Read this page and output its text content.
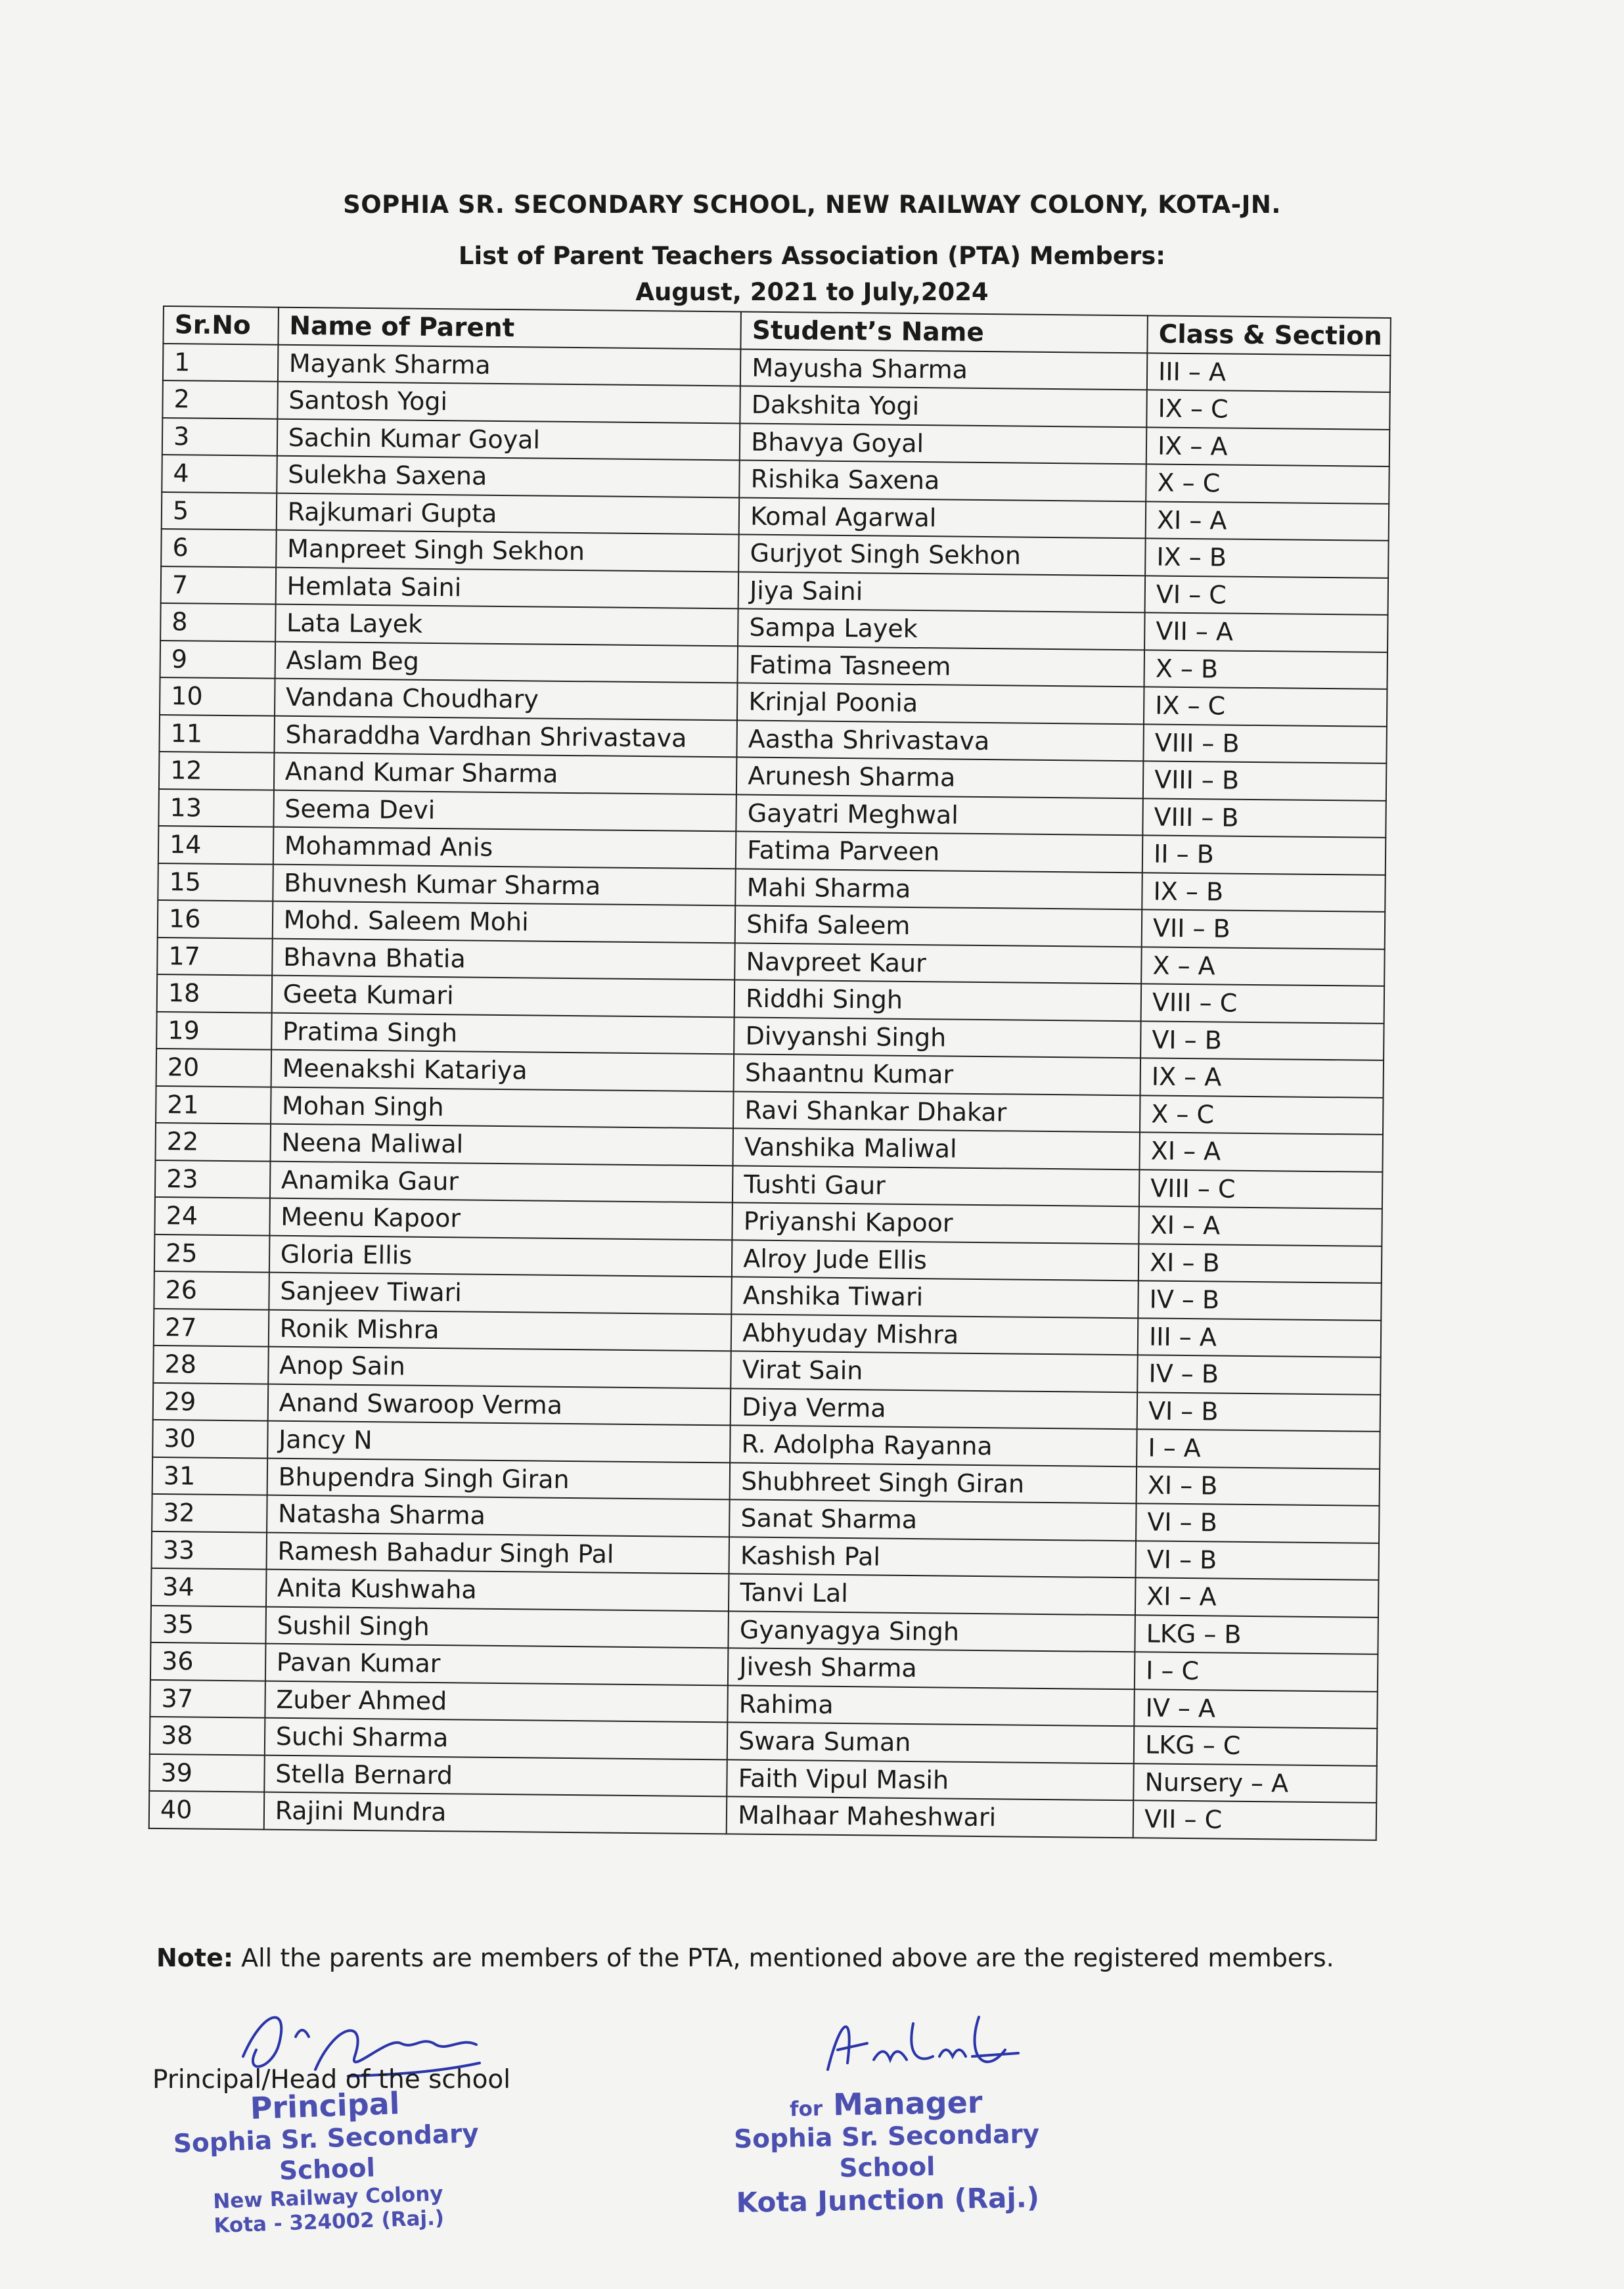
SOPHIA SR. SECONDARY SCHOOL, NEW RAILWAY COLONY, KOTA-JN.
List of Parent Teachers Association (PTA) Members:
August, 2021 to July,2024
Sr.No	Name of Parent	Student’s Name	Class & Section
1	Mayank Sharma	Mayusha Sharma	III – A
2	Santosh Yogi	Dakshita Yogi	IX – C
3	Sachin Kumar Goyal	Bhavya Goyal	IX – A
4	Sulekha Saxena	Rishika Saxena	X – C
5	Rajkumari Gupta	Komal Agarwal	XI – A
6	Manpreet Singh Sekhon	Gurjyot Singh Sekhon	IX – B
7	Hemlata Saini	Jiya Saini	VI – C
8	Lata Layek	Sampa Layek	VII – A
9	Aslam Beg	Fatima Tasneem	X – B
10	Vandana Choudhary	Krinjal Poonia	IX – C
11	Sharaddha Vardhan Shrivastava	Aastha Shrivastava	VIII – B
12	Anand Kumar Sharma	Arunesh Sharma	VIII – B
13	Seema Devi	Gayatri Meghwal	VIII – B
14	Mohammad Anis	Fatima Parveen	II – B
15	Bhuvnesh Kumar Sharma	Mahi Sharma	IX – B
16	Mohd. Saleem Mohi	Shifa Saleem	VII – B
17	Bhavna Bhatia	Navpreet Kaur	X – A
18	Geeta Kumari	Riddhi Singh	VIII – C
19	Pratima Singh	Divyanshi Singh	VI – B
20	Meenakshi Katariya	Shaantnu Kumar	IX – A
21	Mohan Singh	Ravi Shankar Dhakar	X – C
22	Neena Maliwal	Vanshika Maliwal	XI – A
23	Anamika Gaur	Tushti Gaur	VIII – C
24	Meenu Kapoor	Priyanshi Kapoor	XI – A
25	Gloria Ellis	Alroy Jude Ellis	XI – B
26	Sanjeev Tiwari	Anshika Tiwari	IV – B
27	Ronik Mishra	Abhyuday Mishra	III – A
28	Anop Sain	Virat Sain	IV – B
29	Anand Swaroop Verma	Diya Verma	VI – B
30	Jancy N	R. Adolpha Rayanna	I – A
31	Bhupendra Singh Giran	Shubhreet Singh Giran	XI – B
32	Natasha Sharma	Sanat Sharma	VI – B
33	Ramesh Bahadur Singh Pal	Kashish Pal	VI – B
34	Anita Kushwaha	Tanvi Lal	XI – A
35	Sushil Singh	Gyanyagya Singh	LKG – B
36	Pavan Kumar	Jivesh Sharma	I – C
37	Zuber Ahmed	Rahima	IV – A
38	Suchi Sharma	Swara Suman	LKG – C
39	Stella Bernard	Faith Vipul Masih	Nursery – A
40	Rajini Mundra	Malhaar Maheshwari	VII – C
Note: All the parents are members of the PTA, mentioned above are the registered members.
Principal/Head of the school
Principal
Sophia Sr. Secondary School
New Railway Colony
Kota - 324002 (Raj.)
for Manager
Sophia Sr. Secondary School
Kota Junction (Raj.)
